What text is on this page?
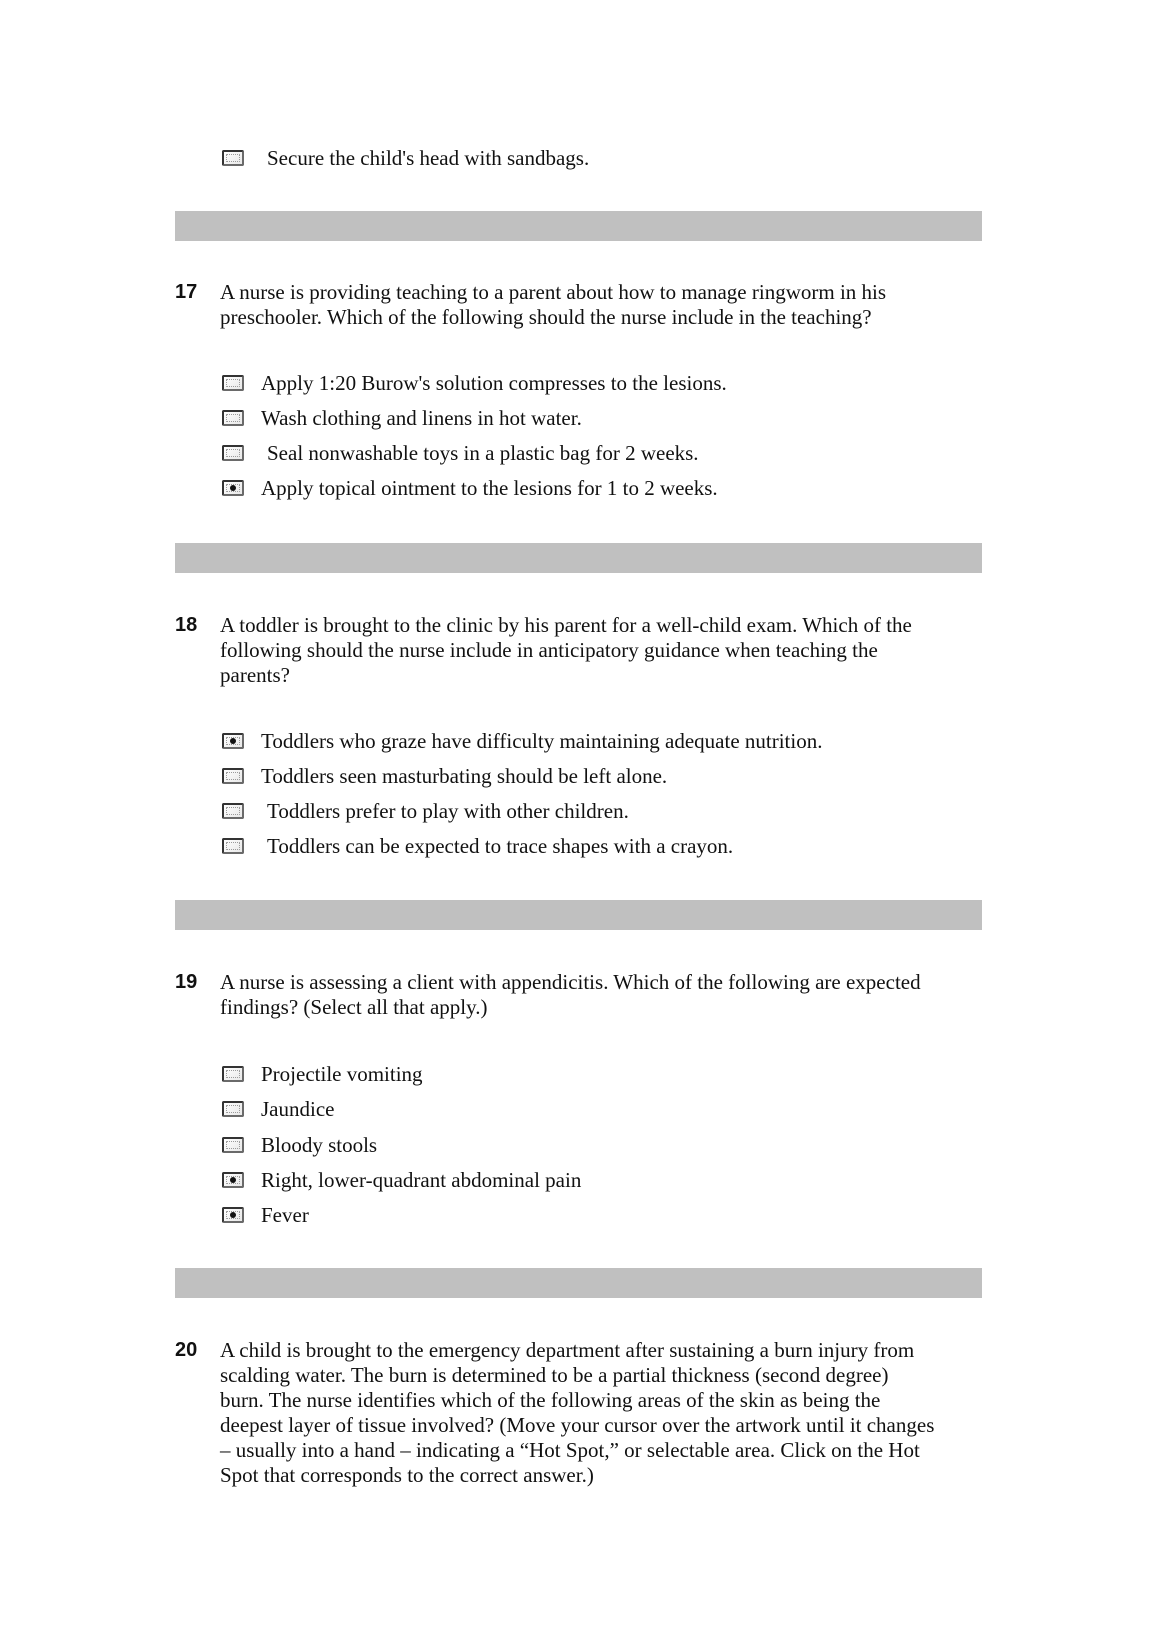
Secure the child's head with sandbags.
17 A nurse is providing teaching to a parent about how to manage ringworm in his
preschooler. Which of the following should the nurse include in the teaching?
Apply 1:20 Burow's solution compresses to the lesions.
Wash clothing and linens in hot water.
Seal nonwashable toys in a plastic bag for 2 weeks.
Apply topical ointment to the lesions for 1 to 2 weeks.
18 A toddler is brought to the clinic by his parent for a well-child exam. Which of the
following should the nurse include in anticipatory guidance when teaching the
parents?
Toddlers who graze have difficulty maintaining adequate nutrition.
Toddlers seen masturbating should be left alone.
Toddlers prefer to play with other children.
Toddlers can be expected to trace shapes with a crayon.
19 A nurse is assessing a client with appendicitis. Which of the following are expected
findings? (Select all that apply.)
Projectile vomiting
Jaundice
Bloody stools
Right, lower-quadrant abdominal pain
Fever
20 A child is brought to the emergency department after sustaining a burn injury from
scalding water. The burn is determined to be a partial thickness (second degree)
burn. The nurse identifies which of the following areas of the skin as being the
deepest layer of tissue involved? (Move your cursor over the artwork until it changes
– usually into a hand – indicating a “Hot Spot,” or selectable area. Click on the Hot
Spot that corresponds to the correct answer.)
